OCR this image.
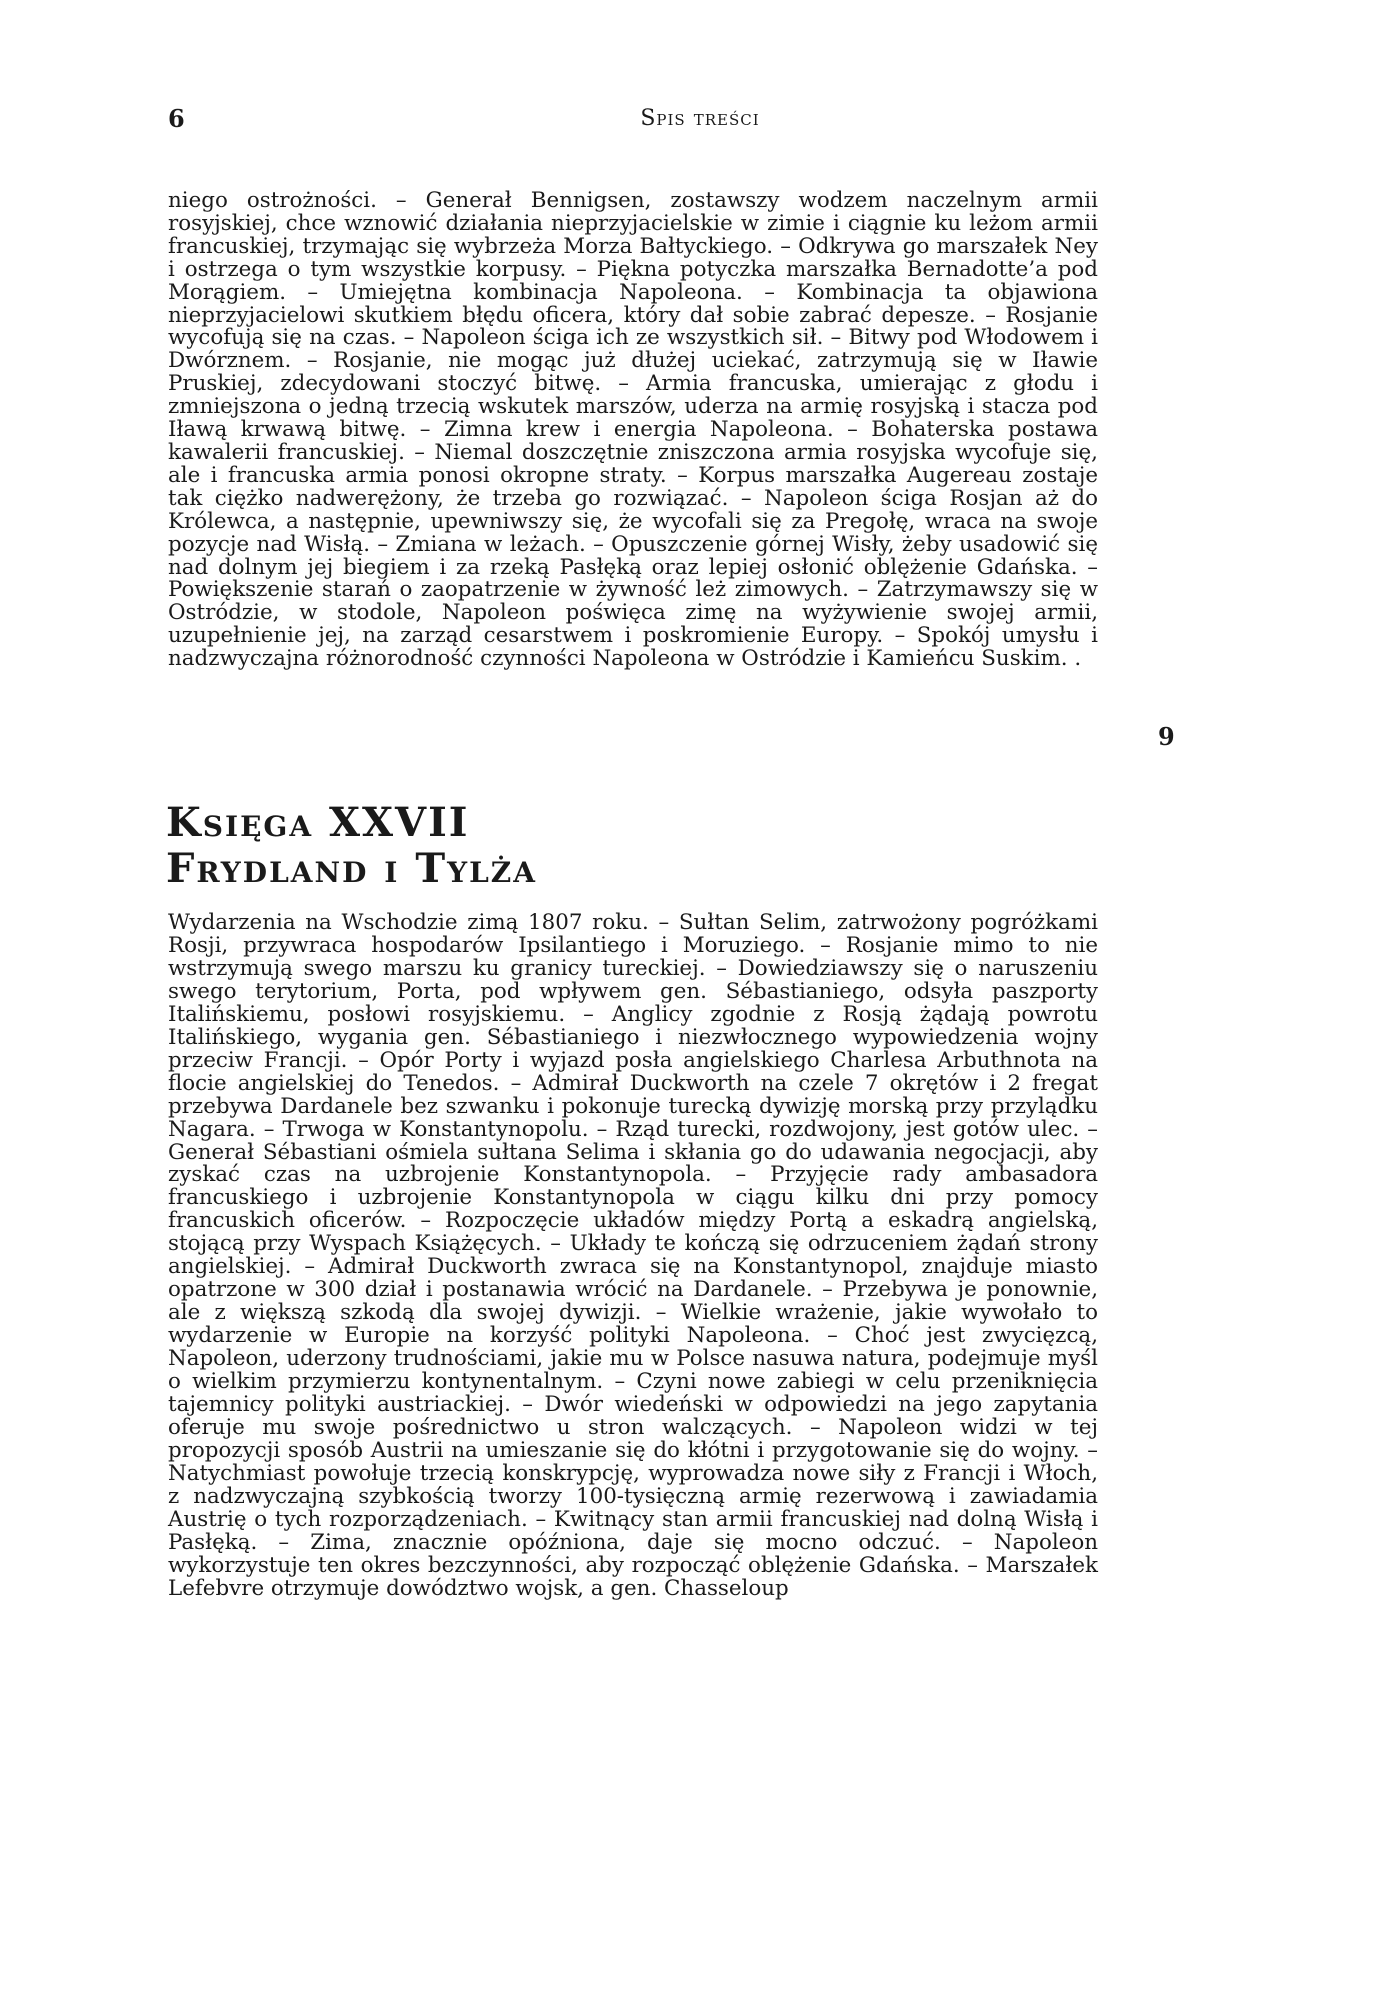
6	Spis treści
niego ostrożności. – Generał Bennigsen, zostawszy wodzem naczelnym armii rosyjskiej, chce wznowić działania nieprzyjacielskie w zimie i ciągnie ku leżom armii francuskiej, trzymając się wybrzeża Morza Bałtyckiego. – Odkrywa go marszałek Ney i ostrzega o tym wszystkie korpusy. – Piękna potyczka marszałka Bernadotte’a pod Morągiem. – Umiejętna kombinacja Napoleona. – Kombinacja ta objawiona nieprzyjacielowi skutkiem błędu oficera, który dał sobie zabrać depesze. – Rosjanie wycofują się na czas. – Napoleon ściga ich ze wszystkich sił. – Bitwy pod Włodowem i Dwórznem. – Rosjanie, nie mogąc już dłużej uciekać, zatrzymują się w Iławie Pruskiej, zdecydowani stoczyć bitwę. – Armia francuska, umierając z głodu i zmniejszona o jedną trzecią wskutek marszów, uderza na armię rosyjską i stacza pod Iławą krwawą bitwę. – Zimna krew i energia Napoleona. – Bohaterska postawa kawalerii francuskiej. – Niemal doszczętnie zniszczona armia rosyjska wycofuje się, ale i francuska armia ponosi okropne straty. – Korpus marszałka Augereau zostaje tak ciężko nadwerężony, że trzeba go rozwiązać. – Napoleon ściga Rosjan aż do Królewca, a następnie, upewniwszy się, że wycofali się za Pregołę, wraca na swoje pozycje nad Wisłą. – Zmiana w leżach. – Opuszczenie górnej Wisły, żeby usadowić się nad dolnym jej biegiem i za rzeką Pasłęką oraz lepiej osłonić oblężenie Gdańska. – Powiększenie starań o zaopatrzenie w żywność leż zimowych. – Zatrzymawszy się w Ostródzie, w stodole, Napoleon poświęca zimę na wyżywienie swojej armii, uzupełnienie jej, na zarząd cesarstwem i poskromienie Europy. – Spokój umysłu i nadzwyczajna różnorodność czynności Napoleona w Ostródzie i Kamieńcu Suskim. .
9
Księga XXVII
Frydland i Tylża
Wydarzenia na Wschodzie zimą 1807 roku. – Sułtan Selim, zatrwożony pogróżkami Rosji, przywraca hospodarów Ipsilantiego i Moruziego. – Rosjanie mimo to nie wstrzymują swego marszu ku granicy tureckiej. – Dowiedziawszy się o naruszeniu swego terytorium, Porta, pod wpływem gen. Sébastianiego, odsyła paszporty Italińskiemu, posłowi rosyjskiemu. – Anglicy zgodnie z Rosją żądają powrotu Italińskiego, wygania gen. Sébastianiego i niezwłocznego wypowiedzenia wojny przeciw Francji. – Opór Porty i wyjazd posła angielskiego Charlesa Arbuthnota na flocie angielskiej do Tenedos. – Admirał Duckworth na czele 7 okrętów i 2 fregat przebywa Dardanele bez szwanku i pokonuje turecką dywizję morską przy przylądku Nagara. – Trwoga w Konstantynopolu. – Rząd turecki, rozdwojony, jest gotów ulec. – Generał Sébastiani ośmiela sułtana Selima i skłania go do udawania negocjacji, aby zyskać czas na uzbrojenie Konstantynopola. – Przyjęcie rady ambasadora francuskiego i uzbrojenie Konstantynopola w ciągu kilku dni przy pomocy francuskich oficerów. – Rozpoczęcie układów między Portą a eskadrą angielską, stojącą przy Wyspach Książęcych. – Układy te kończą się odrzuceniem żądań strony angielskiej. – Admirał Duckworth zwraca się na Konstantynopol, znajduje miasto opatrzone w 300 dział i postanawia wrócić na Dardanele. – Przebywa je ponownie, ale z większą szkodą dla swojej dywizji. – Wielkie wrażenie, jakie wywołało to wydarzenie w Europie na korzyść polityki Napoleona. – Choć jest zwycięzcą, Napoleon, uderzony trudnościami, jakie mu w Polsce nasuwa natura, podejmuje myśl o wielkim przymierzu kontynentalnym. – Czyni nowe zabiegi w celu przeniknięcia tajemnicy polityki austriackiej. – Dwór wiedeński w odpowiedzi na jego zapytania oferuje mu swoje pośrednictwo u stron walczących. – Napoleon widzi w tej propozycji sposób Austrii na umieszanie się do kłótni i przygotowanie się do wojny. – Natychmiast powołuje trzecią konskrypcję, wyprowadza nowe siły z Francji i Włoch, z nadzwyczajną szybkością tworzy 100-tysięczną armię rezerwową i zawiadamia Austrię o tych rozporządzeniach. – Kwitnący stan armii francuskiej nad dolną Wisłą i Pasłęką. – Zima, znacznie opóźniona, daje się mocno odczuć. – Napoleon wykorzystuje ten okres bezczynności, aby rozpocząć oblężenie Gdańska. – Marszałek Lefebvre otrzymuje dowództwo wojsk, a gen. Chasseloup
